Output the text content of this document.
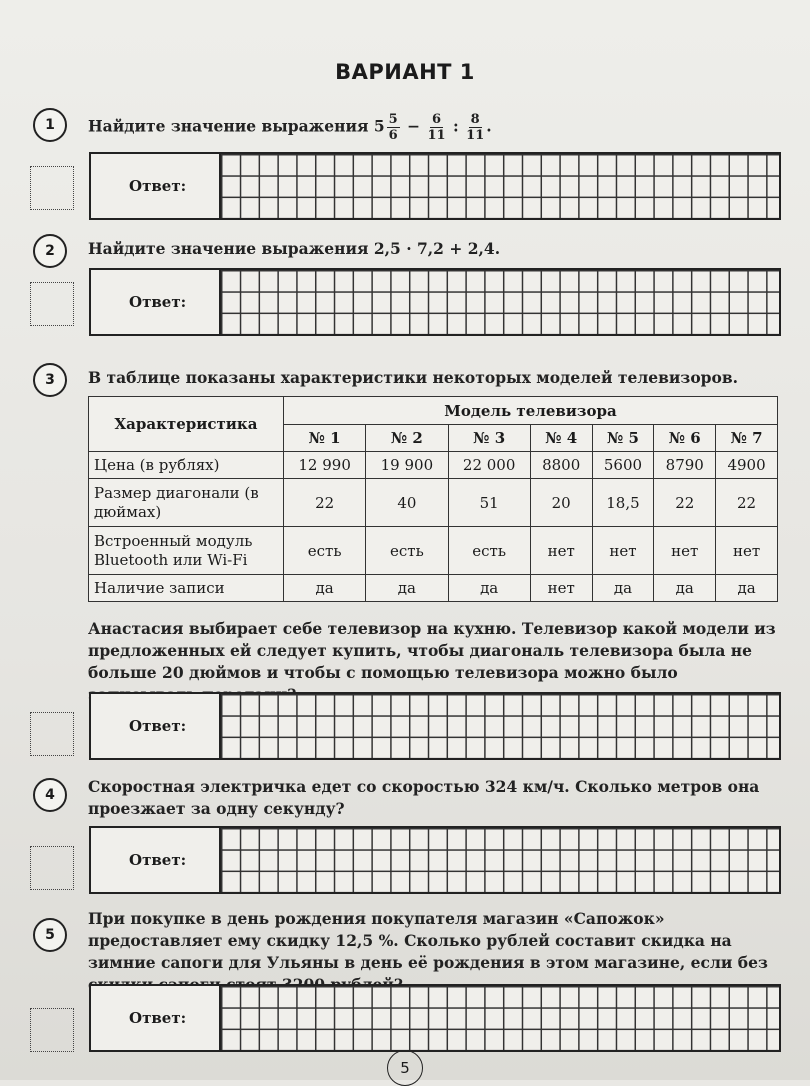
ВАРИАНТ 1
1	Найдите значение выражения $5 \frac{5}{6} - \frac{6}{11}$ : $\frac{8}{11}$ .
Ответ:
2	Найдите значение выражения 2,5 · 7,2 + 2,4.
Ответ:
3	В таблице показаны характеристики некоторых моделей телевизоров.
Характеристика	Модель телевизора						
	№ 1	№ 2	№ 3	№ 4	№ 5	№ 6	№ 7
Цена (в рублях)	12 990	19 900	22 000	8800	5600	8790	4900
Размер диагонали (в дюймах)	22	40	51	20	18,5	22	22
Встроенный модуль Bluetooth или Wi-Fi	есть	есть	есть	нет	нет	нет	нет
Наличие записи	да	да	да	нет	да	да	да
Анастасия выбирает себе телевизор на кухню. Телевизор какой модели из предложенных ей следует купить, чтобы диагональ телевизора была не больше 20 дюймов и чтобы с помощью телевизора можно было
Ответ:
4	Скоростная электричка едет со скоростью 324 км/ч. Сколько метров она проезжает за одну секунду?
Ответ:
5
При покупке в день рождения покупателя магазин «Сапожок» предоставляет ему скидку 12,5 %. Сколько рублей составит скидка на зимние сапоги для Ульяны в день её рождения в этом магазине, если без
Ответ:
5
